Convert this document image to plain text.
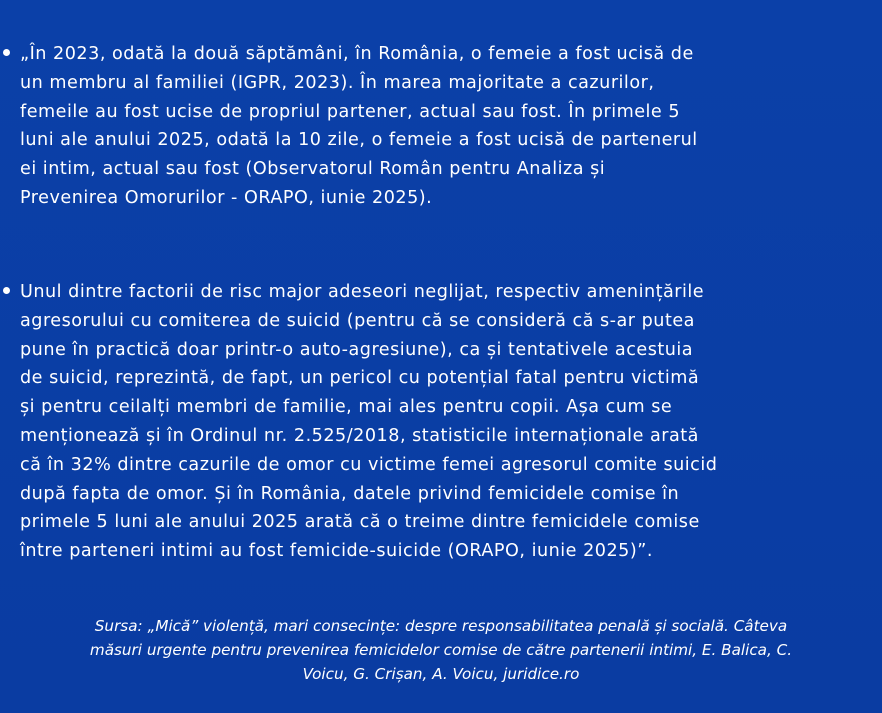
„În 2023, odată la două săptămâni, în România, o femeie a fost ucisă de
un membru al familiei (IGPR, 2023). În marea majoritate a cazurilor,
femeile au fost ucise de propriul partener, actual sau fost. În primele 5
luni ale anului 2025, odată la 10 zile, o femeie a fost ucisă de partenerul
ei intim, actual sau fost (Observatorul Român pentru Analiza și
Prevenirea Omorurilor - ORAPO, iunie 2025).

Unul dintre factorii de risc major adeseori neglijat, respectiv amenințările
agresorului cu comiterea de suicid (pentru că se consideră că s-ar putea
pune în practică doar printr-o auto-agresiune), ca și tentativele acestuia
de suicid, reprezintă, de fapt, un pericol cu potențial fatal pentru victimă
și pentru ceilalți membri de familie, mai ales pentru copii. Așa cum se
menționează și în Ordinul nr. 2.525/2018, statisticile internaționale arată
că în 32% dintre cazurile de omor cu victime femei agresorul comite suicid
după fapta de omor. Și în România, datele privind femicidele comise în
primele 5 luni ale anului 2025 arată că o treime dintre femicidele comise
între parteneri intimi au fost femicide-suicide (ORAPO, iunie 2025)”.

Sursa: „Mică” violență, mari consecințe: despre responsabilitatea penală și socială. Câteva
măsuri urgente pentru prevenirea femicidelor comise de către partenerii intimi, E. Balica, C.
Voicu, G. Crișan, A. Voicu, juridice.ro
